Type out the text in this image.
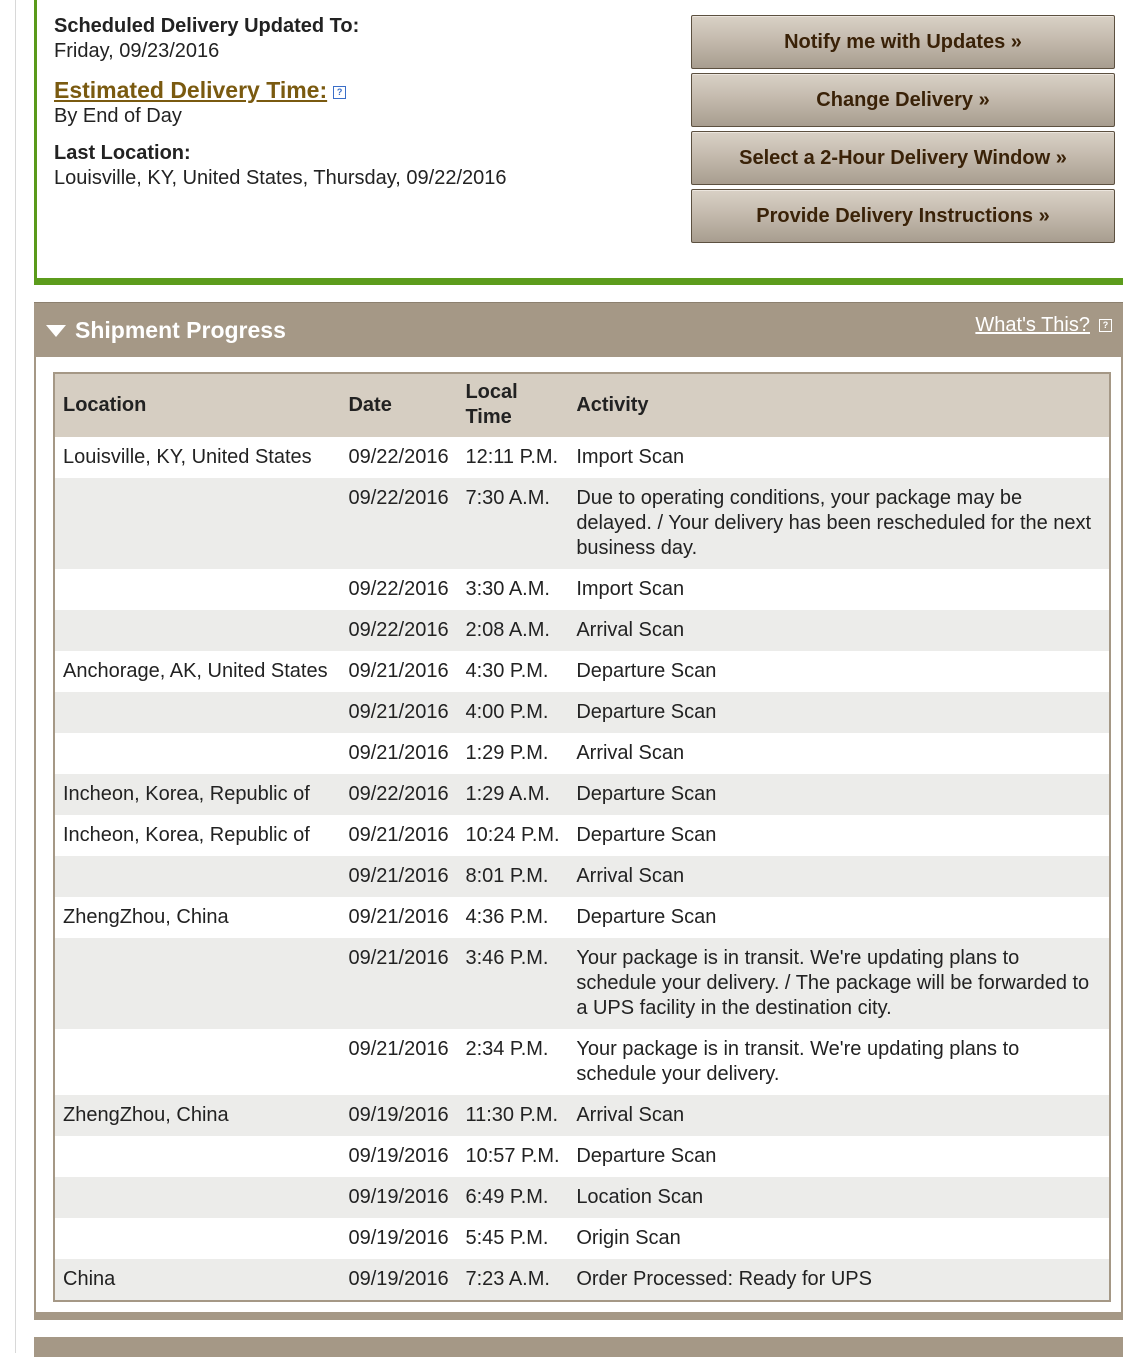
Scheduled Delivery Updated To:
Friday, 09/23/2016
Estimated Delivery Time: ?
By End of Day
Last Location:
Louisville, KY, United States, Thursday, 09/22/2016
Notify me with Updates »
Change Delivery »
Select a 2-Hour Delivery Window »
Provide Delivery Instructions »
Shipment Progress	What's This?	?
Location	Date	Local Time	Activity
Louisville, KY, United States	09/22/2016	12:11 P.M.	Import Scan
	09/22/2016	7:30 A.M.	Due to operating conditions, your package may be delayed. / Your delivery has been rescheduled for the next business day.
	09/22/2016	3:30 A.M.	Import Scan
	09/22/2016	2:08 A.M.	Arrival Scan
Anchorage, AK, United States	09/21/2016	4:30 P.M.	Departure Scan
	09/21/2016	4:00 P.M.	Departure Scan
	09/21/2016	1:29 P.M.	Arrival Scan
Incheon, Korea, Republic of	09/22/2016	1:29 A.M.	Departure Scan
Incheon, Korea, Republic of	09/21/2016	10:24 P.M.	Departure Scan
	09/21/2016	8:01 P.M.	Arrival Scan
ZhengZhou, China	09/21/2016	4:36 P.M.	Departure Scan
	09/21/2016	3:46 P.M.	Your package is in transit. We're updating plans to schedule your delivery. / The package will be forwarded to a UPS facility in the destination city.
	09/21/2016	2:34 P.M.	Your package is in transit. We're updating plans to schedule your delivery.
ZhengZhou, China	09/19/2016	11:30 P.M.	Arrival Scan
	09/19/2016	10:57 P.M.	Departure Scan
	09/19/2016	6:49 P.M.	Location Scan
	09/19/2016	5:45 P.M.	Origin Scan
China	09/19/2016	7:23 A.M.	Order Processed: Ready for UPS
